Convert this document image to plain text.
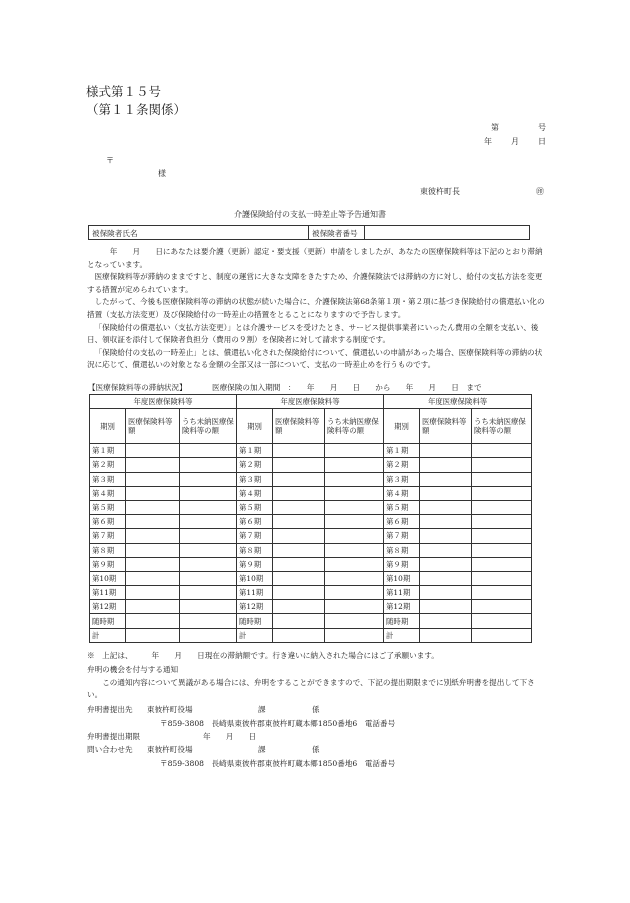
様式第１５号
（第１１条関係）
第	号
年 月 日
〒
様
東彼杵町長	㊞
介護保険給付の支払一時差止等予告通知書
被保険者氏名	被保険者番号

　　年　　月　　日にあなたは要介護（更新）認定・要支援（更新）申請をしましたが、あなたの医療保険料等は下記のとおり滞納となっています。

医療保険料等が滞納のままですと、制度の運営に大きな支障をきたすため、介護保険法では滞納の方に対し、給付の支払方法を変更する措置が定められています。

したがって、今後も医療保険料等の滞納の状態が続いた場合に、介護保険法第68条第１項・第２項に基づき保険給付の償還払い化の措置（支払方法変更）及び保険給付の一時差止の措置をとることになりますので予告します。

「保険給付の償還払い（支払方法変更）」とは介護サービスを受けたとき、サービス提供事業者にいったん費用の全額を支払い、後日、領収証を添付して保険者負担分（費用の９割）を保険者に対して請求する制度です。

「保険給付の支払の一時差止」とは、償還払い化された保険給付について、償還払いの申請があった場合、医療保険料等の滞納の状況に応じて、償還払いの対象となる金額の全部又は一部について、支払の一時差止めを行うものです。

【医療保険料等の滞納状況】	医療保険の加入期間　：　　年　　月　　日　　から　　年　　月　　日　まで
年度医療保険料等			年度医療保険料等			年度医療保険料等		
期別	医療保険料等額	うち未納医療保険料等の額	期別	医療保険料等額	うち未納医療保険料等の額	期別	医療保険料等額	うち未納医療保険料等の額
第１期			第１期			第１期		
第２期			第２期			第２期		
第３期			第３期			第３期		
第４期			第４期			第４期		
第５期			第５期			第５期		
第６期			第６期			第６期		
第７期			第７期			第７期		
第８期			第８期			第８期		
第９期			第９期			第９期		
第10期			第10期			第10期		
第11期			第11期			第11期		
第12期			第12期			第12期		
随時期			随時期			随時期		
計			計			計		
※　上記は、　　　年　　月　　日現在の滞納額です。行き違いに納入された場合にはご了承願います。
弁明の機会を付与する通知
この通知内容について異議がある場合には、弁明をすることができますので、下記の提出期限までに別紙弁明書を提出して下さい。
弁明書提出先 東彼杵町役場	課	係
〒859-3808　長崎県東彼杵郡東彼杵町蔵本郷1850番地6　電話番号
弁明書提出期限	年　　月　　日
問い合わせ先 東彼杵町役場	課	係
〒859-3808　長崎県東彼杵郡東彼杵町蔵本郷1850番地6　電話番号
